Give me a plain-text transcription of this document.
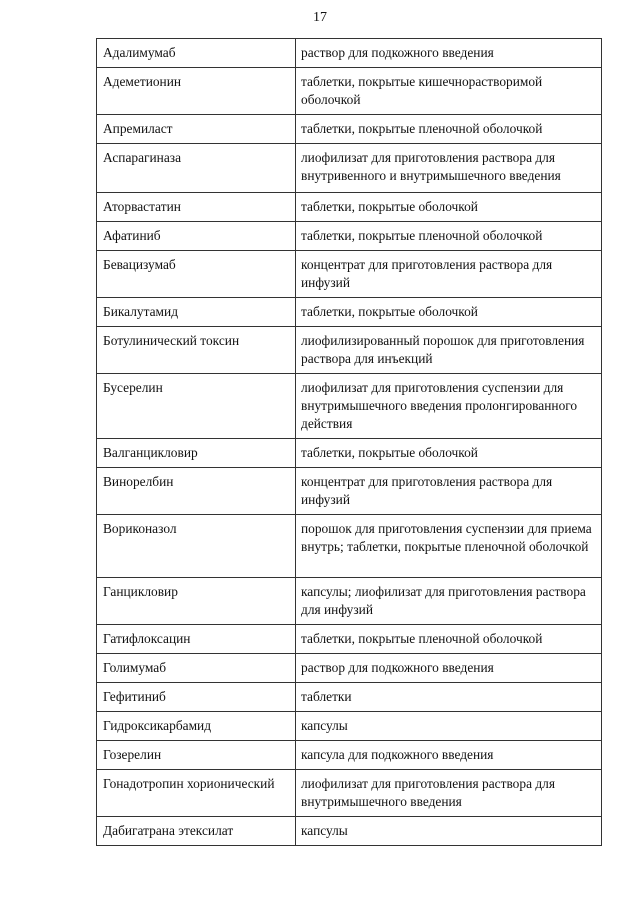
17
Адалимумаб	раствор для подкожного введения
Адеметионин	таблетки, покрытые кишечнорастворимой оболочкой
Апремиласт	таблетки, покрытые пленочной оболочкой
Аспарагиназа	лиофилизат для приготовления раствора для внутривенного и внутримышечного введения
Аторвастатин	таблетки, покрытые оболочкой
Афатиниб	таблетки, покрытые пленочной оболочкой
Бевацизумаб	концентрат для приготовления раствора для инфузий
Бикалутамид	таблетки, покрытые оболочкой
Ботулинический токсин	лиофилизированный порошок для приготовления раствора для инъекций
Бусерелин	лиофилизат для приготовления суспензии для внутримышечного введения пролонгированного действия
Валганцикловир	таблетки, покрытые оболочкой
Винорелбин	концентрат для приготовления раствора для инфузий
Вориконазол	порошок для приготовления суспензии для приема внутрь; таблетки, покрытые пленочной оболочкой
Ганцикловир	капсулы; лиофилизат для приготовления раствора для инфузий
Гатифлоксацин	таблетки, покрытые пленочной оболочкой
Голимумаб	раствор для подкожного введения
Гефитиниб	таблетки
Гидроксикарбамид	капсулы
Гозерелин	капсула для подкожного введения
Гонадотропин хорионический	лиофилизат для приготовления раствора для внутримышечного введения
Дабигатрана этексилат	капсулы
